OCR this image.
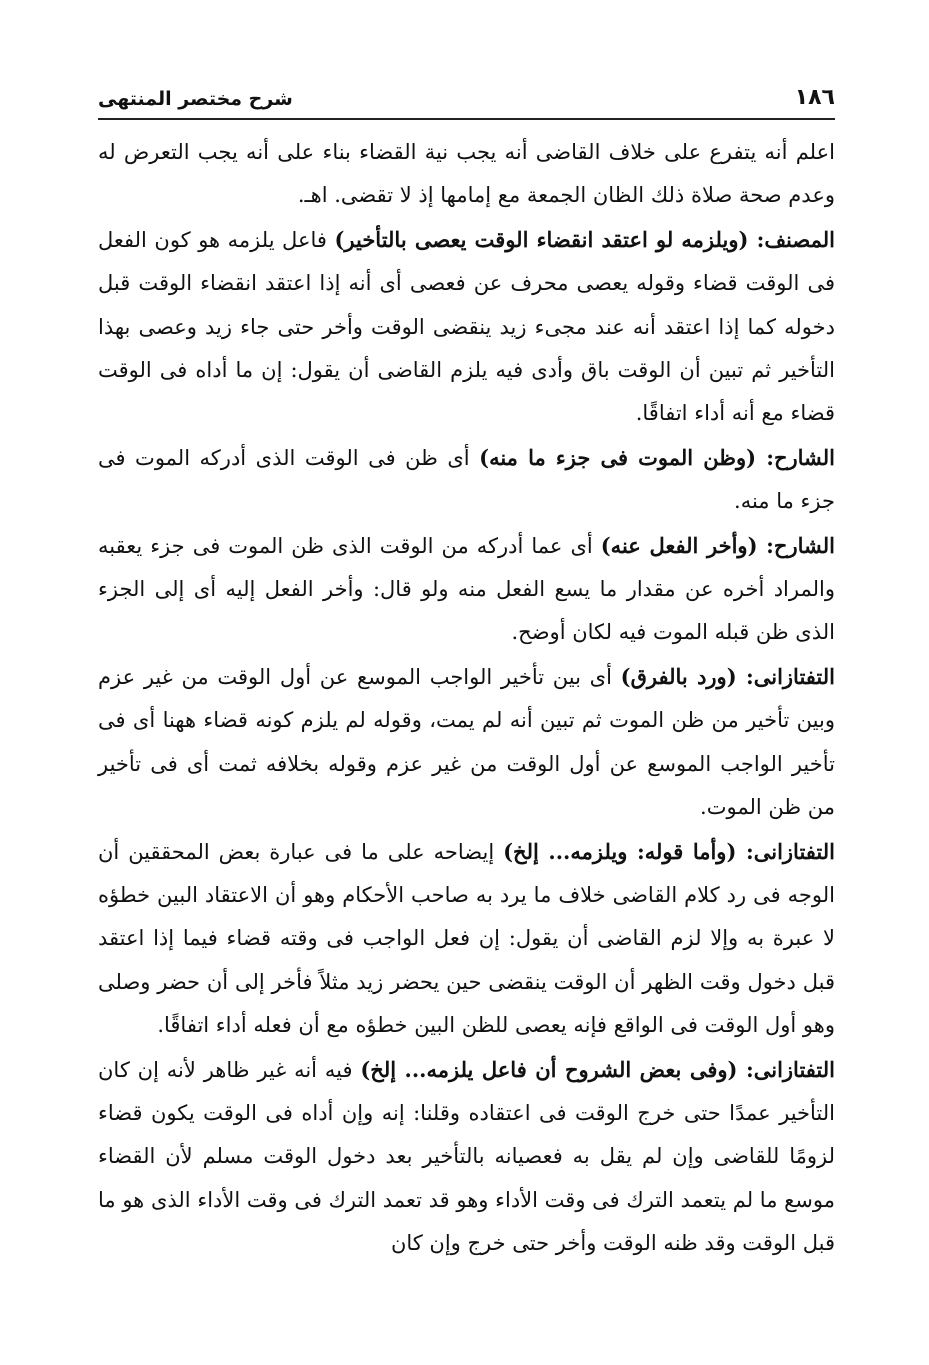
١٨٦
شرح مختصر المنتهى

اعلم أنه يتفرع على خلاف القاضى أنه يجب نية القضاء بناء على أنه يجب التعرض له وعدم صحة صلاة ذلك الظان الجمعة مع إمامها إذ لا تقضى. اهـ.

المصنف: (ويلزمه لو اعتقد انقضاء الوقت يعصى بالتأخير) فاعل يلزمه هو كون الفعل فى الوقت قضاء وقوله يعصى محرف عن فعصى أى أنه إذا اعتقد انقضاء الوقت قبل دخوله كما إذا اعتقد أنه عند مجىء زيد ينقضى الوقت وأخر حتى جاء زيد وعصى بهذا التأخير ثم تبين أن الوقت باق وأدى فيه يلزم القاضى أن يقول: إن ما أداه فى الوقت قضاء مع أنه أداء اتفاقًا.

الشارح: (وظن الموت فى جزء ما منه) أى ظن فى الوقت الذى أدركه الموت فى جزء ما منه.

الشارح: (وأخر الفعل عنه) أى عما أدركه من الوقت الذى ظن الموت فى جزء يعقبه والمراد أخره عن مقدار ما يسع الفعل منه ولو قال: وأخر الفعل إليه أى إلى الجزء الذى ظن قبله الموت فيه لكان أوضح.

التفتازانى: (ورد بالفرق) أى بين تأخير الواجب الموسع عن أول الوقت من غير عزم وبين تأخير من ظن الموت ثم تبين أنه لم يمت، وقوله لم يلزم كونه قضاء ههنا أى فى تأخير الواجب الموسع عن أول الوقت من غير عزم وقوله بخلافه ثمت أى فى تأخير من ظن الموت.

التفتازانى: (وأما قوله: ويلزمه... إلخ) إيضاحه على ما فى عبارة بعض المحققين أن الوجه فى رد كلام القاضى خلاف ما يرد به صاحب الأحكام وهو أن الاعتقاد البين خطؤه لا عبرة به وإلا لزم القاضى أن يقول: إن فعل الواجب فى وقته قضاء فيما إذا اعتقد قبل دخول وقت الظهر أن الوقت ينقضى حين يحضر زيد مثلاً فأخر إلى أن حضر وصلى وهو أول الوقت فى الواقع فإنه يعصى للظن البين خطؤه مع أن فعله أداء اتفاقًا.

التفتازانى: (وفى بعض الشروح أن فاعل يلزمه... إلخ) فيه أنه غير ظاهر لأنه إن كان التأخير عمدًا حتى خرج الوقت فى اعتقاده وقلنا: إنه وإن أداه فى الوقت يكون قضاء لزومًا للقاضى وإن لم يقل به فعصيانه بالتأخير بعد دخول الوقت مسلم لأن القضاء موسع ما لم يتعمد الترك فى وقت الأداء وهو قد تعمد الترك فى وقت الأداء الذى هو ما قبل الوقت وقد ظنه الوقت وأخر حتى خرج وإن كان
